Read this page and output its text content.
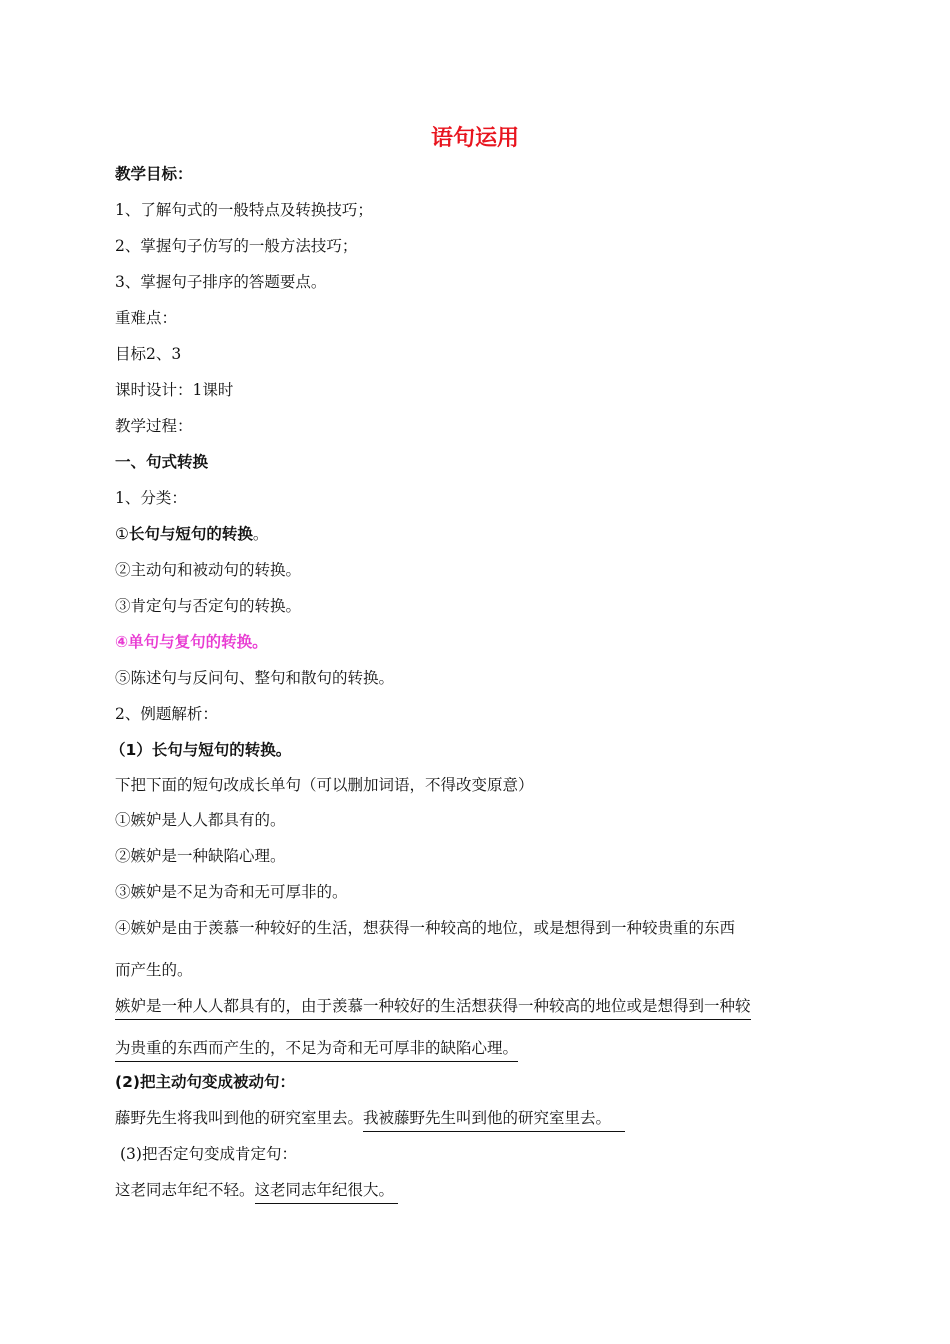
语句运用
教学目标：
1、了解句式的一般特点及转换技巧；
2、掌握句子仿写的一般方法技巧；
3、掌握句子排序的答题要点。
重难点：
目标2、3
课时设计：1课时
教学过程：
一、句式转换
1、分类：
①长句与短句的转换。
②主动句和被动句的转换。
③肯定句与否定句的转换。
④单句与复句的转换。
⑤陈述句与反问句、整句和散句的转换。
2、例题解析：
（1）长句与短句的转换。
下把下面的短句改成长单句（可以删加词语，不得改变原意）
①嫉妒是人人都具有的。
②嫉妒是一种缺陷心理。
③嫉妒是不足为奇和无可厚非的。
④嫉妒是由于羡慕一种较好的生活，想获得一种较高的地位，或是想得到一种较贵重的东西
而产生的。
嫉妒是一种人人都具有的，由于羡慕一种较好的生活想获得一种较高的地位或是想得到一种较
为贵重的东西而产生的，不足为奇和无可厚非的缺陷心理。
(2)把主动句变成被动句：
藤野先生将我叫到他的研究室里去。我被藤野先生叫到他的研究室里去。
(3)把否定句变成肯定句：
这老同志年纪不轻。这老同志年纪很大。
